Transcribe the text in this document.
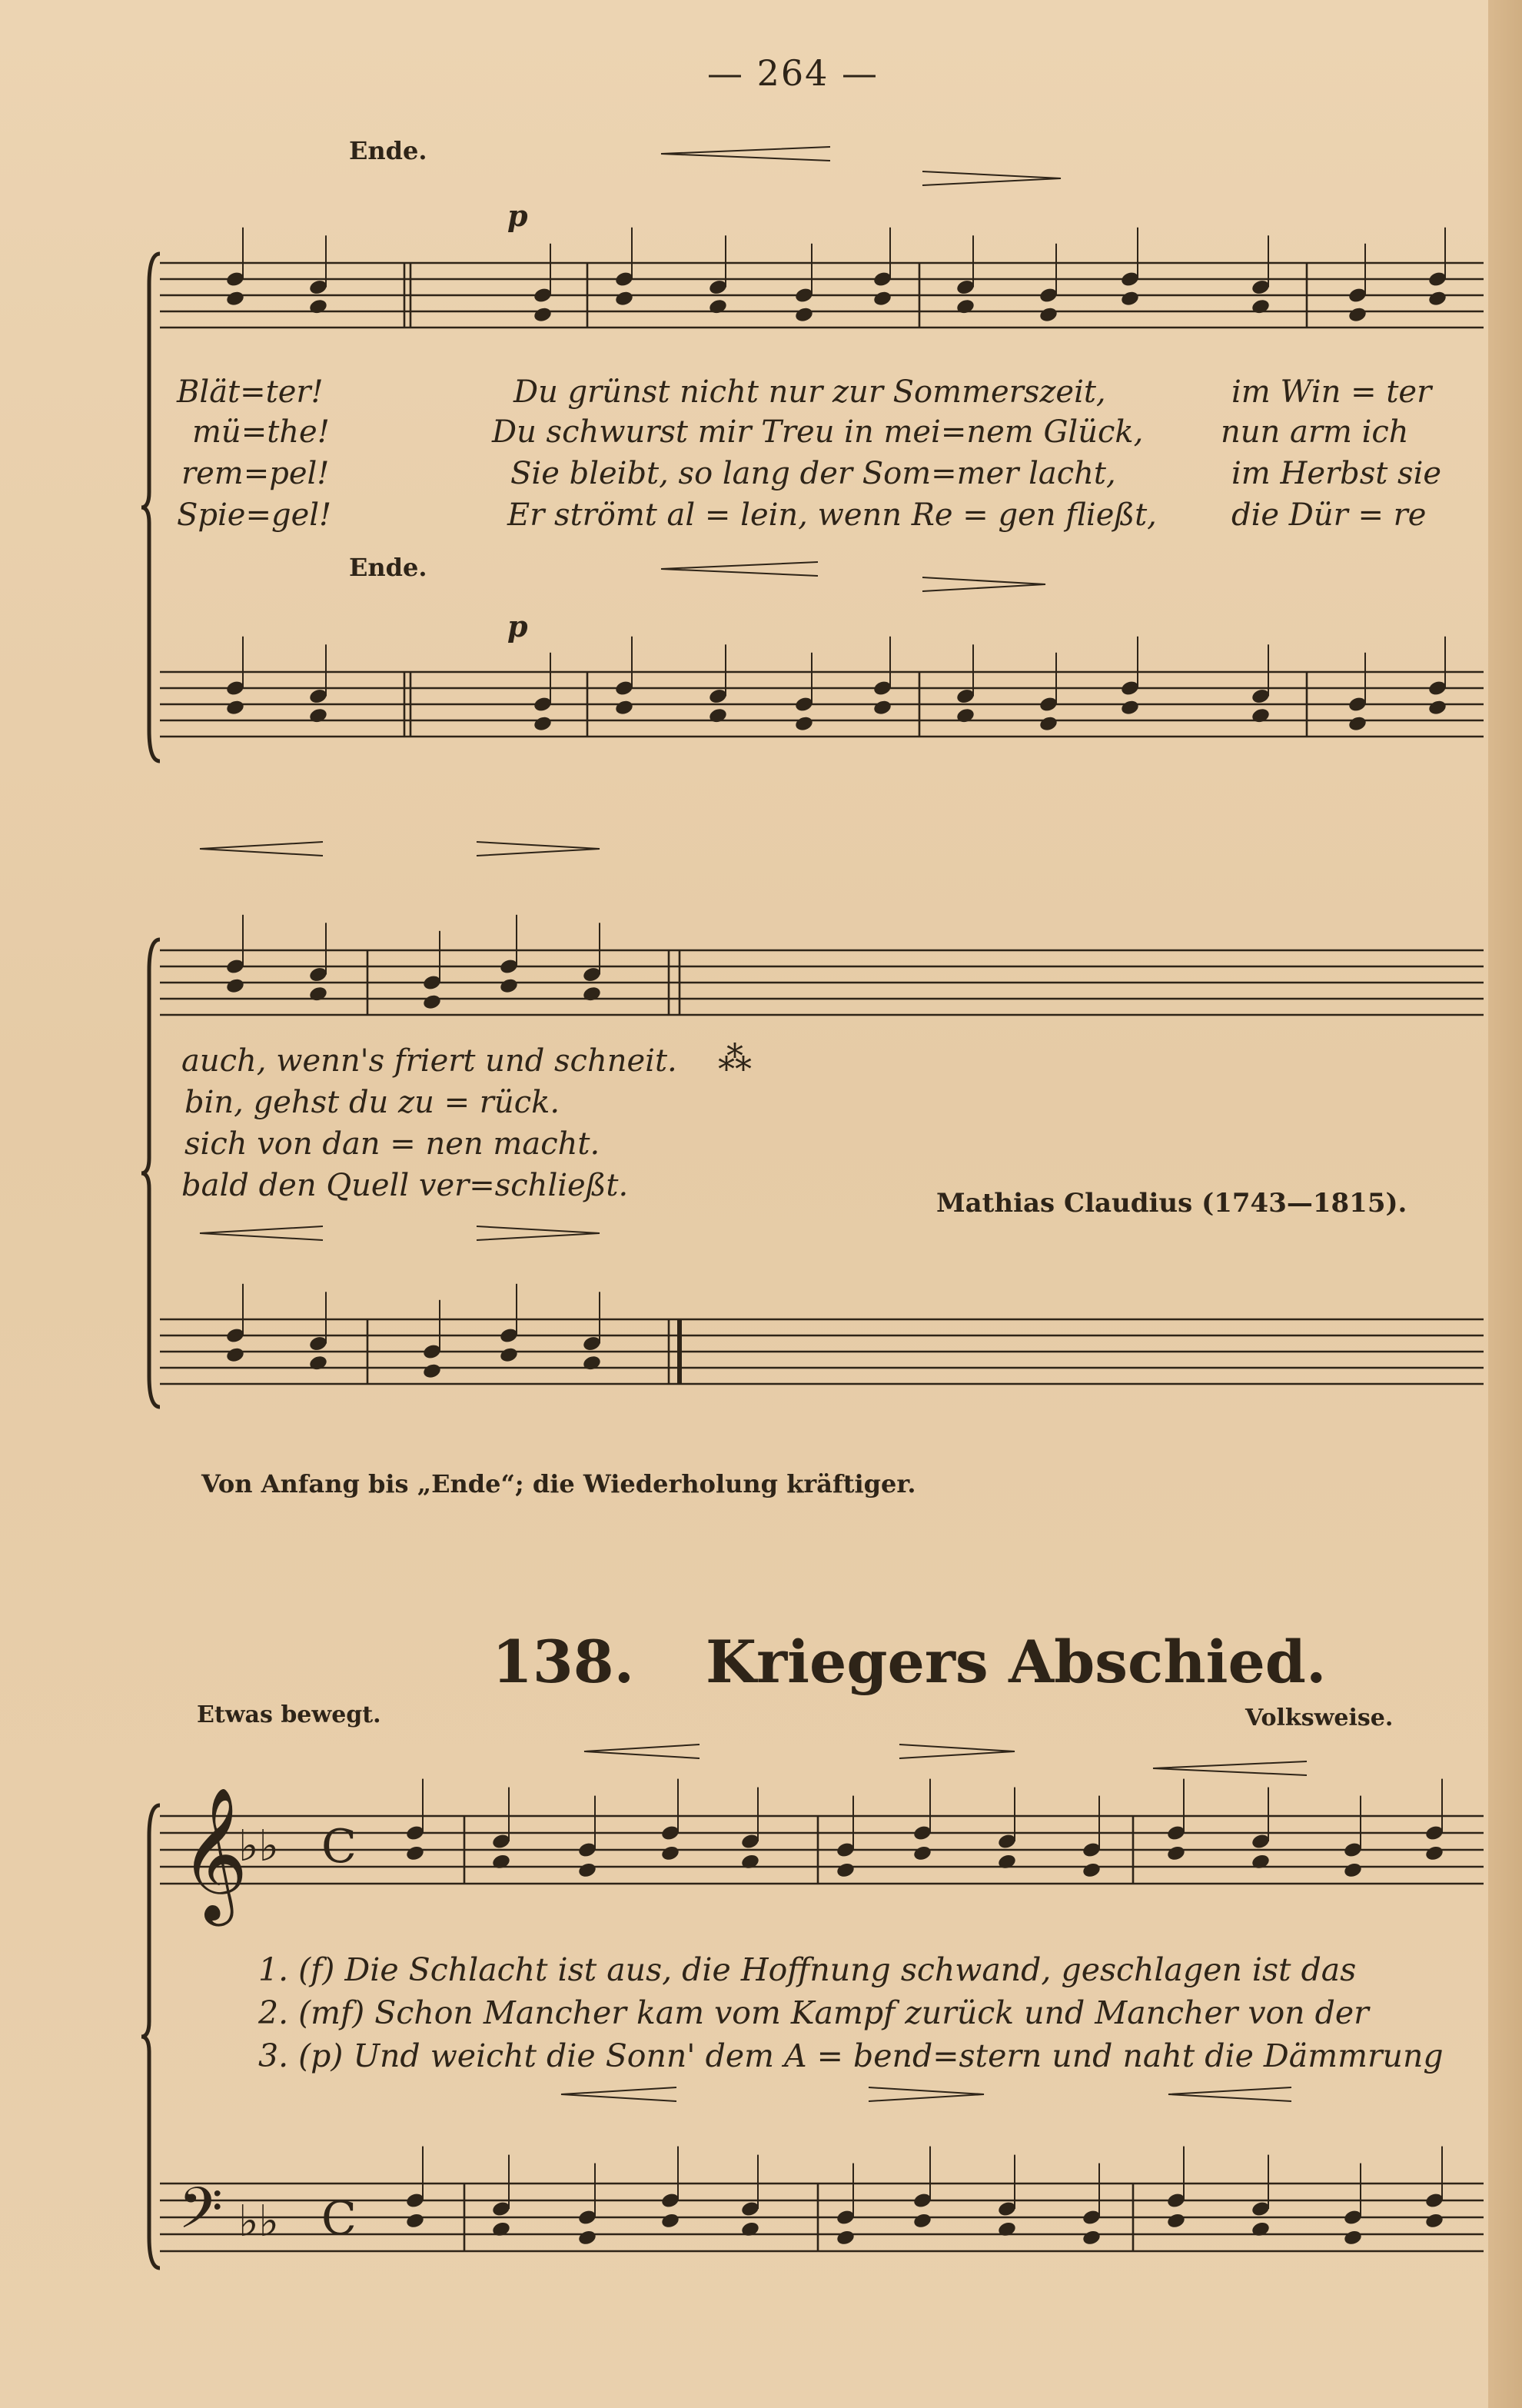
𝄞
♭♭ C
𝄢 ♭♭ C
— 264 —
Ende.
Ende.
p
p
Blät=ter!
mü=the!
rem=pel!
Spie=gel!
Du grünst nicht nur zur Sommerszeit,
Du schwurst mir Treu in mei=nem Glück,
Sie bleibt, so lang der Som=mer lacht,
Er strömt al = lein, wenn Re = gen fließt,
im Win = ter
nun arm ich
im Herbst sie
die Dür = re
auch, wenn's friert und schneit.
bin, gehst du zu = rück.
sich von dan = nen macht.
bald den Quell ver=schließt.
⁂
Mathias Claudius (1743—1815).
Von Anfang bis „Ende“; die Wiederholung kräftiger.
138. Kriegers Abschied.
Etwas bewegt.	Volksweise.
1. (f) Die Schlacht ist aus, die Hoffnung schwand, geschlagen ist das
2. (mf) Schon Mancher kam vom Kampf zurück und Mancher von der
3. (p) Und weicht die Sonn' dem A = bend=stern und naht die Dämmrung
